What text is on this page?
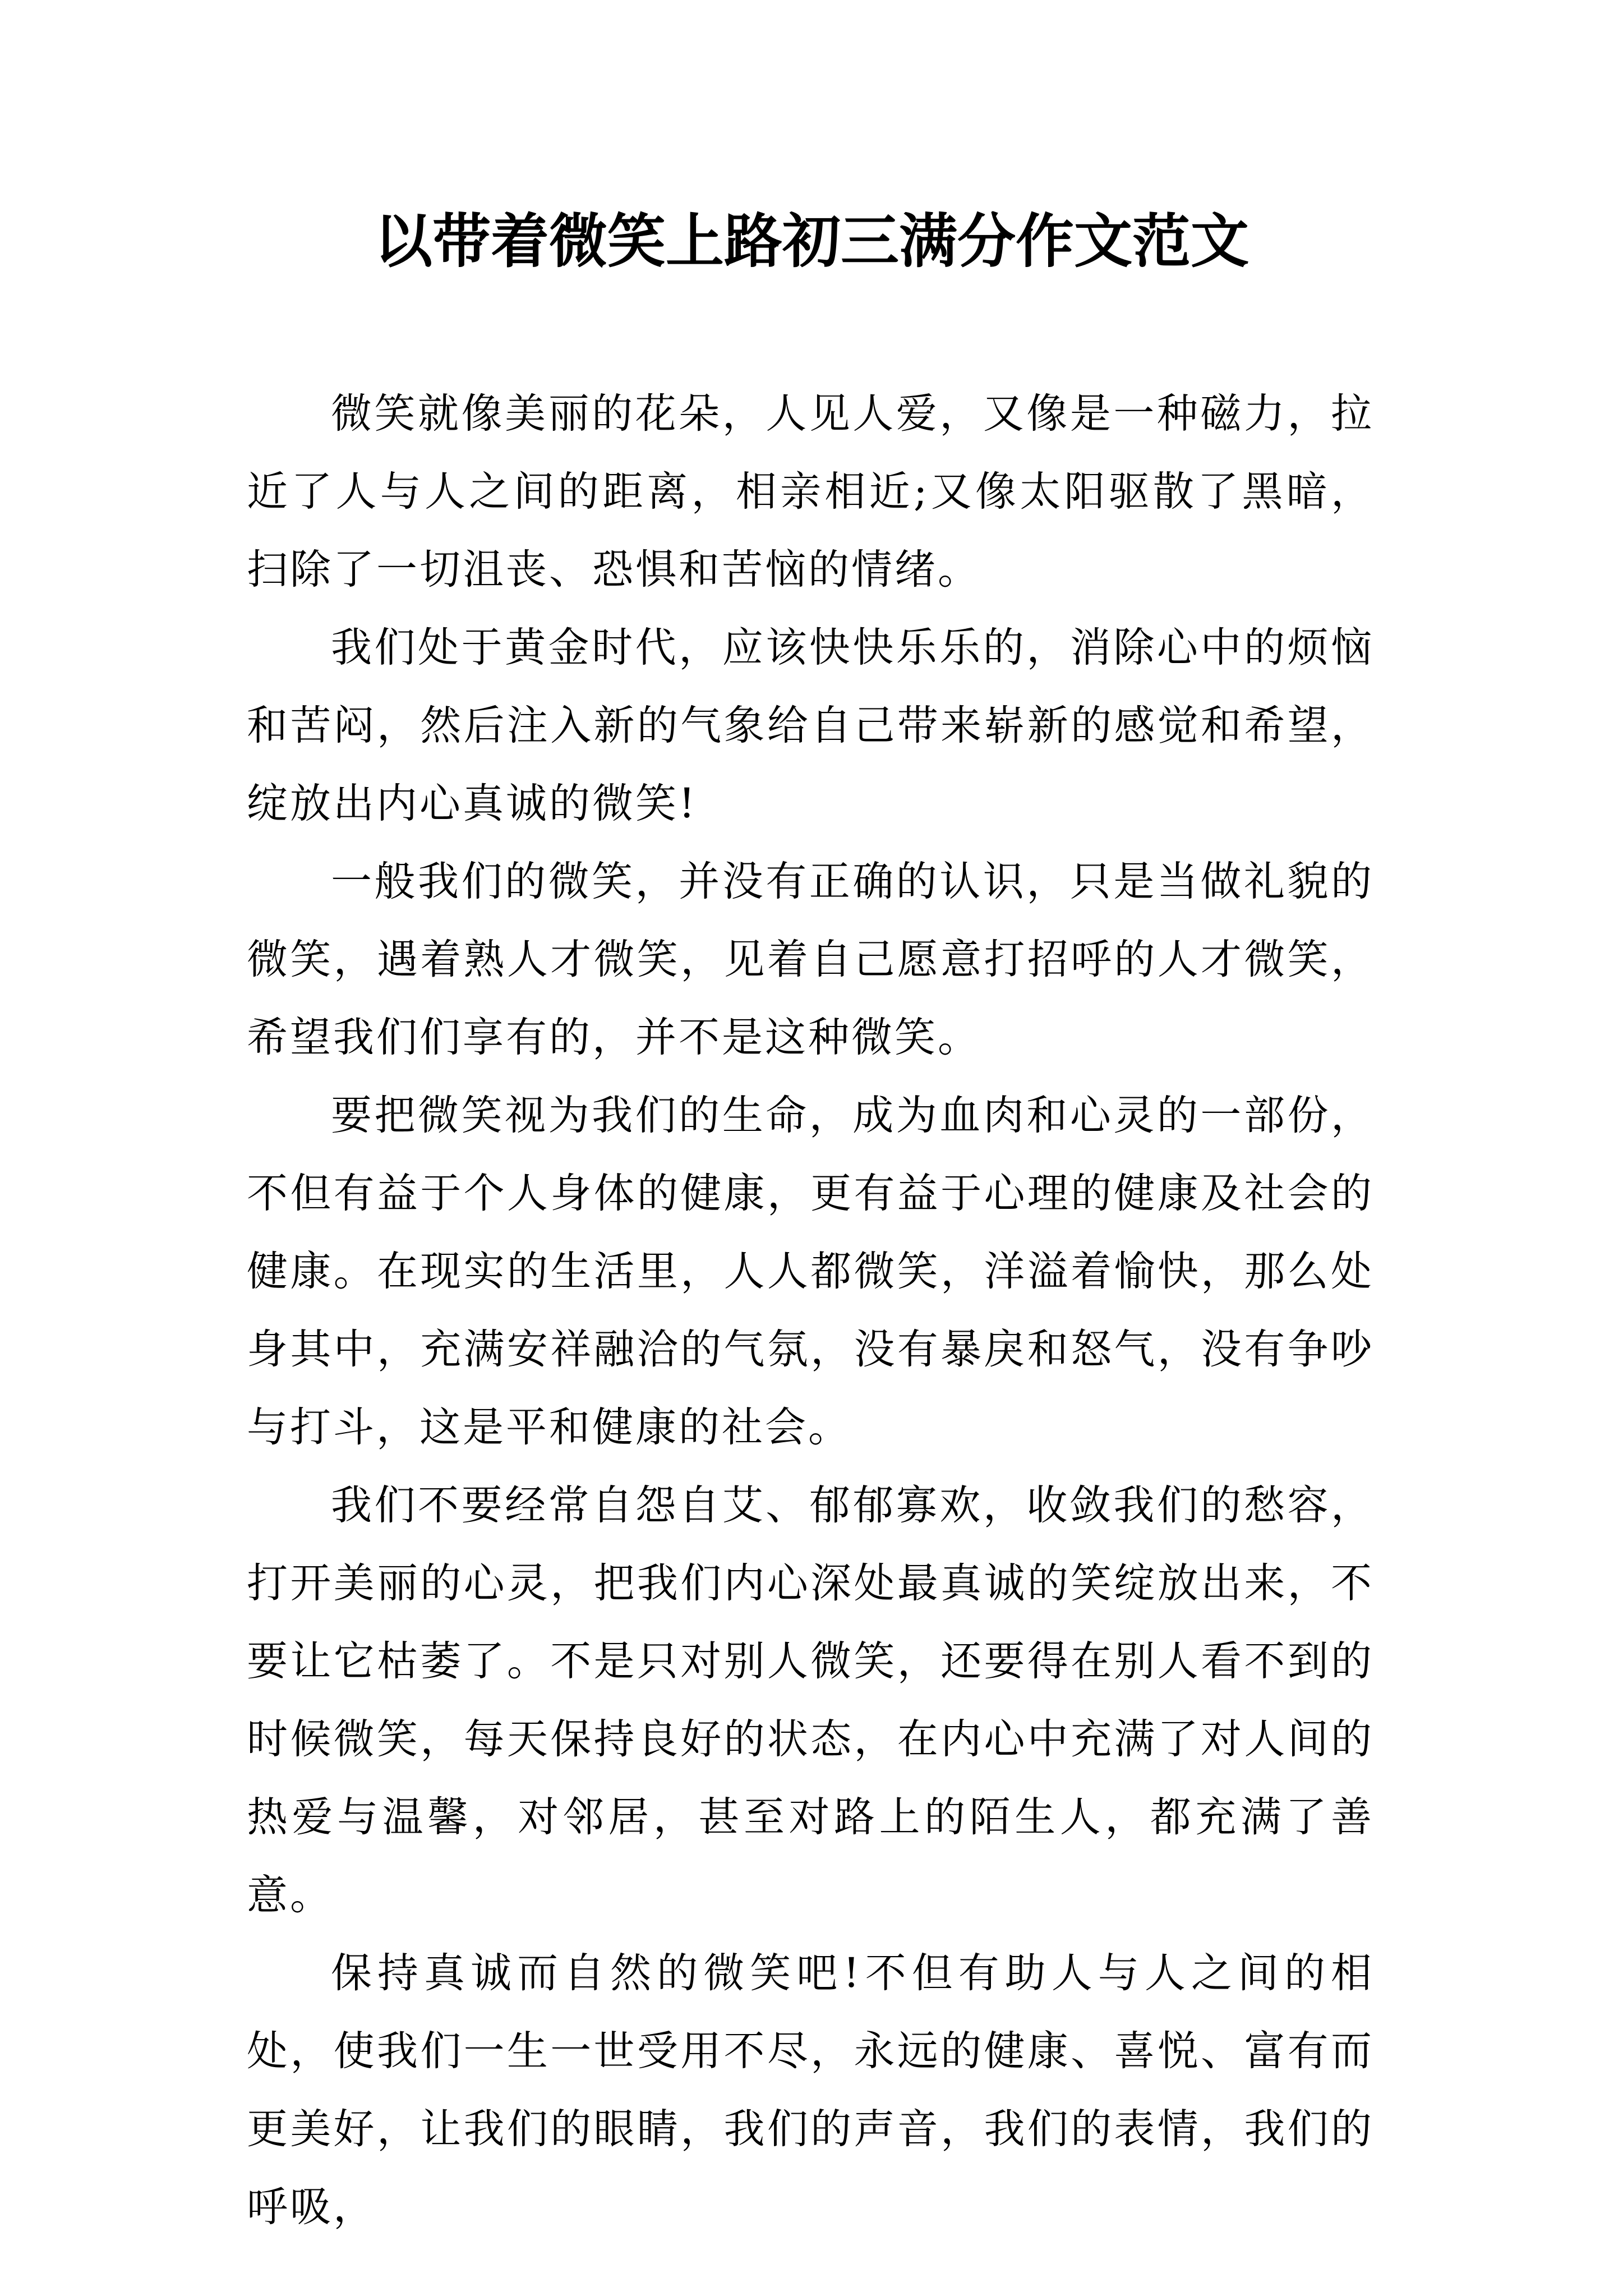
以带着微笑上路初三满分作文范文

微笑就像美丽的花朵，人见人爱，又像是一种磁力，拉近了人与人之间的距离，相亲相近;又像太阳驱散了黑暗，扫除了一切沮丧、恐惧和苦恼的情绪。

我们处于黄金时代，应该快快乐乐的，消除心中的烦恼和苦闷，然后注入新的气象给自己带来崭新的感觉和希望，绽放出内心真诚的微笑!

一般我们的微笑，并没有正确的认识，只是当做礼貌的微笑，遇着熟人才微笑，见着自己愿意打招呼的人才微笑，希望我们们享有的，并不是这种微笑。

要把微笑视为我们的生命，成为血肉和心灵的一部份，不但有益于个人身体的健康，更有益于心理的健康及社会的健康。在现实的生活里，人人都微笑，洋溢着愉快，那么处身其中，充满安祥融洽的气氛，没有暴戾和怒气，没有争吵与打斗，这是平和健康的社会。

我们不要经常自怨自艾、郁郁寡欢，收敛我们的愁容，打开美丽的心灵，把我们内心深处最真诚的笑绽放出来，不要让它枯萎了。不是只对别人微笑，还要得在别人看不到的时候微笑，每天保持良好的状态，在内心中充满了对人间的热爱与温馨，对邻居，甚至对路上的陌生人，都充满了善意。

保持真诚而自然的微笑吧!不但有助人与人之间的相处，使我们一生一世受用不尽，永远的健康、喜悦、富有而更美好，让我们的眼睛，我们的声音，我们的表情，我们的呼吸，
